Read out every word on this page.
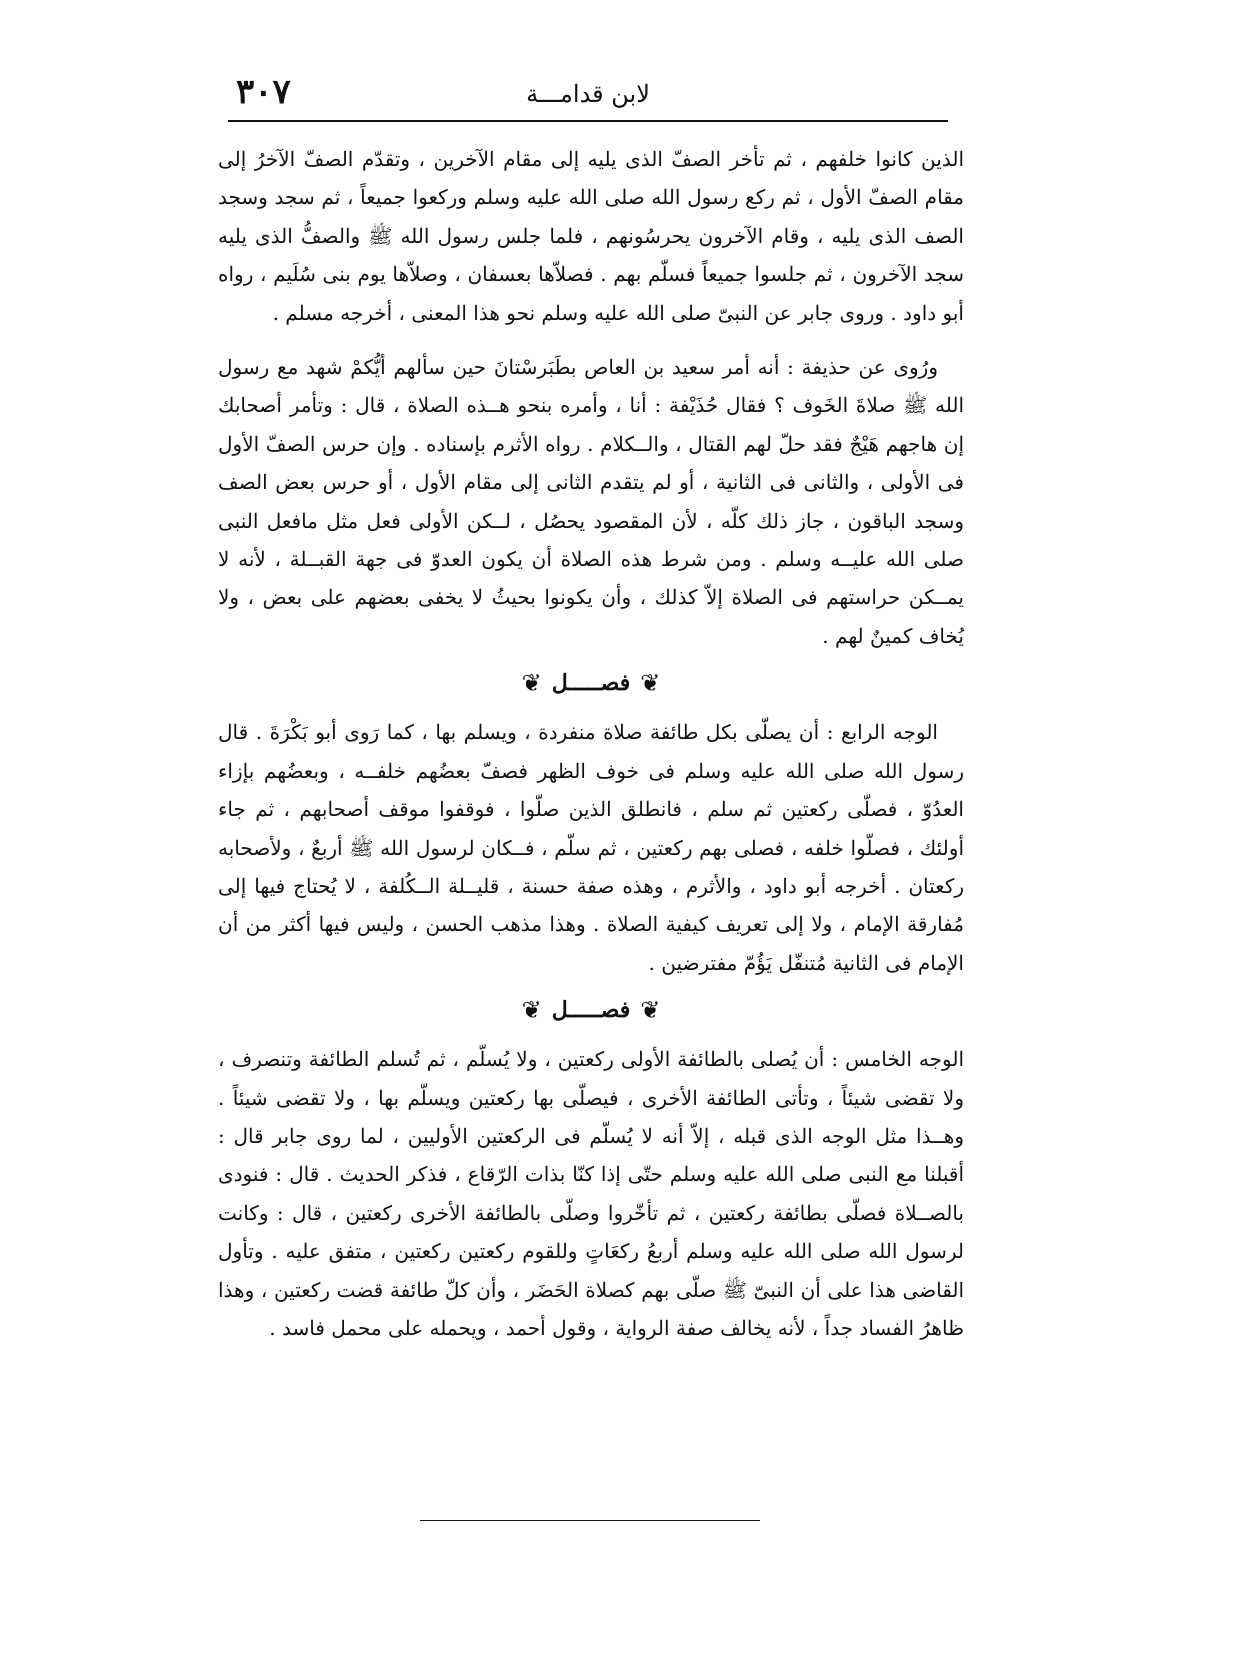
٣٠٧	لابن قدامـــة

الذين كانوا خلفهم ، ثم تأخر الصفّ الذى يليه إلى مقام الآخرين ، وتقدّم الصفّ الآخرُ إلى مقام الصفّ الأول ، ثم ركع رسول الله صلى الله عليه وسلم وركعوا جميعاً ، ثم سجد وسجد الصف الذى يليه ، وقام الآخرون يحرسُونهم ، فلما جلس رسول الله ﷺ والصفُّ الذى يليه سجد الآخرون ، ثم جلسوا جميعاً فسلّم بهم . فصلاّها بعسفان ، وصلاّها يوم بنى سُلَيم ، رواه أبو داود . وروى جابر عن النبىّ صلى الله عليه وسلم نحو هذا المعنى ، أخرجه مسلم .

ورُوى عن حذيفة : أنه أمر سعيد بن العاص بطَبَرسْتانَ حين سألهم أيُّكمْ شهد مع رسول الله ﷺ صلاةَ الخَوف ؟ فقال حُذَيْفة : أنا ، وأمره بنحو هــذه الصلاة ، قال : وتأمر أصحابك إن هاجهم هَيْجٌ فقد حلّ لهم القتال ، والــكلام . رواه الأثرم بإسناده . وإن حرس الصفّ الأول فى الأولى ، والثانى فى الثانية ، أو لم يتقدم الثانى إلى مقام الأول ، أو حرس بعض الصف وسجد الباقون ، جاز ذلك كلّه ، لأن المقصود يحصُل ، لــكن الأولى فعل مثل مافعل النبى صلى الله عليــه وسلم . ومن شرط هذه الصلاة أن يكون العدوّ فى جهة القبــلة ، لأنه لا يمــكن حراستهم فى الصلاة إلاّ كذلك ، وأن يكونوا بحيثُ لا يخفى بعضهم على بعض ، ولا يُخاف كمينٌ لهم .

❦
فصـــــل
❦

الوجه الرابع : أن يصلّى بكل طائفة صلاة منفردة ، ويسلم بها ، كما رَوى أبو بَكْرَةَ . قال رسول الله صلى الله عليه وسلم فى خوف الظهر فصفّ بعضُهم خلفــه ، وبعضُهم بإزاء العدُوّ ، فصلّى ركعتين ثم سلم ، فانطلق الذين صلّوا ، فوقفوا موقف أصحابهم ، ثم جاء أولئك ، فصلّوا خلفه ، فصلى بهم ركعتين ، ثم سلّم ، فــكان لرسول الله ﷺ أربعٌ ، ولأصحابه ركعتان . أخرجه أبو داود ، والأثرم ، وهذه صفة حسنة ، قليــلة الــكُلفة ، لا يُحتاج فيها إلى مُفارقة الإمام ، ولا إلى تعريف كيفية الصلاة . وهذا مذهب الحسن ، وليس فيها أكثر من أن الإمام فى الثانية مُتنفّل يَؤُمّ مفترضين .

❦
فصـــــل
❦

الوجه الخامس : أن يُصلى بالطائفة الأولى ركعتين ، ولا يُسلّم ، ثم تُسلم الطائفة وتنصرف ، ولا تقضى شيئاً ، وتأتى الطائفة الأخرى ، فيصلّى بها ركعتين ويسلّم بها ، ولا تقضى شيئاً . وهــذا مثل الوجه الذى قبله ، إلاّ أنه لا يُسلّم فى الركعتين الأوليين ، لما روى جابر قال : أقبلنا مع النبى صلى الله عليه وسلم حتّى إذا كنّا بذات الرّقاع ، فذكر الحديث . قال : فنودى بالصــلاة فصلّى بطائفة ركعتين ، ثم تأخّروا وصلّى بالطائفة الأخرى ركعتين ، قال : وكانت لرسول الله صلى الله عليه وسلم أربعُ ركعَاتٍ وللقوم ركعتين ركعتين ، متفق عليه . وتأول القاضى هذا على أن النبىّ ﷺ صلّى بهم كصلاة الحَضَر ، وأن كلّ طائفة قضت ركعتين ، وهذا ظاهرُ الفساد جداً ، لأنه يخالف صفة الرواية ، وقول أحمد ، ويحمله على محمل فاسد .
